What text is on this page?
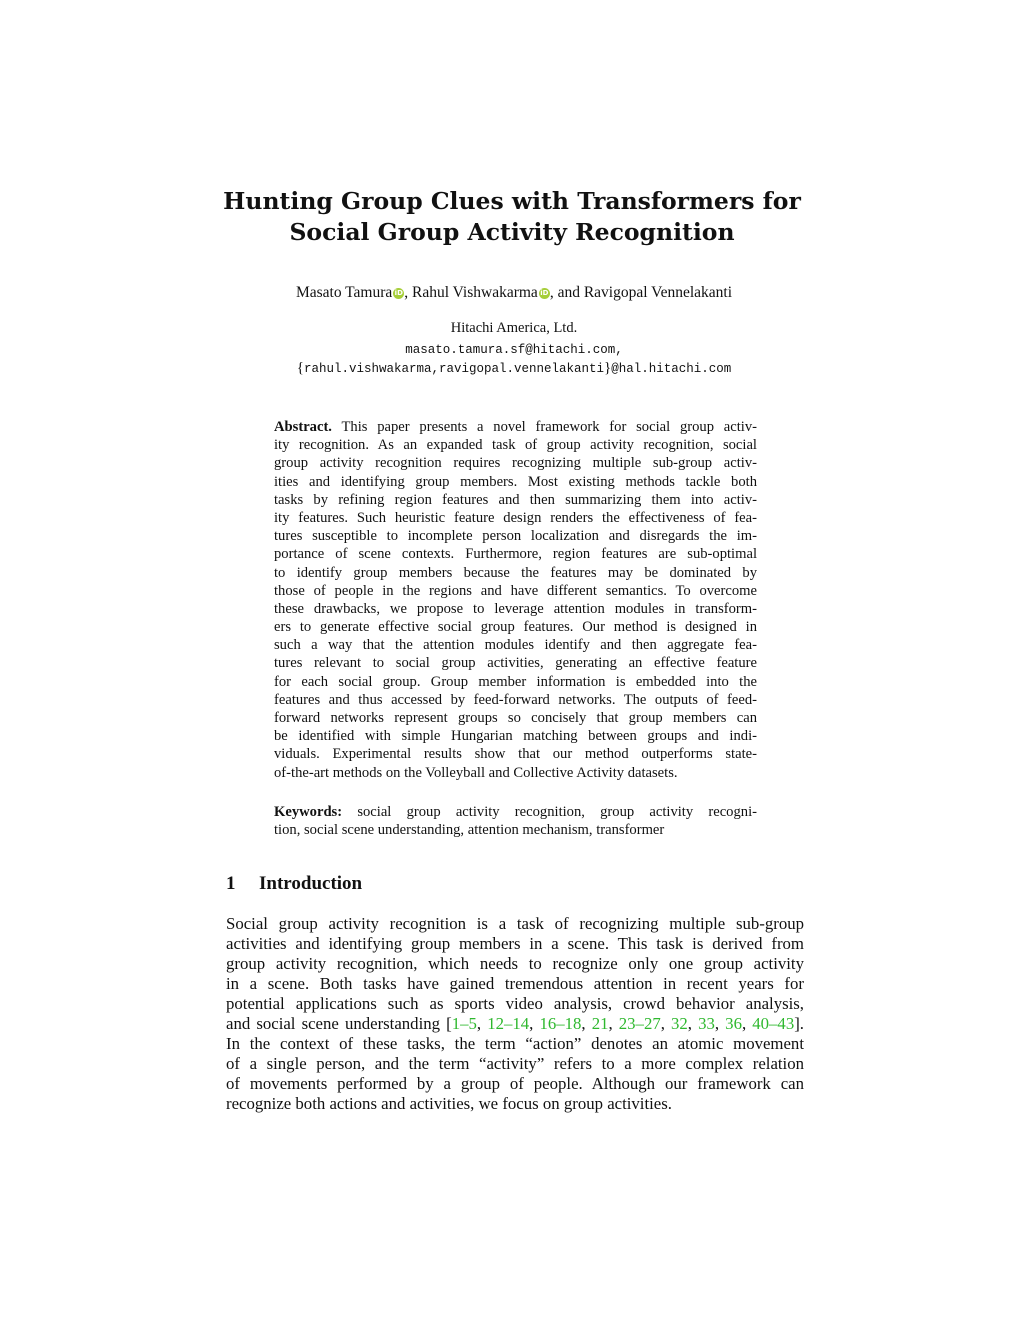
Hunting Group Clues with Transformers for
Social Group Activity Recognition
Masato Tamura iD, Rahul Vishwakarma iD, and Ravigopal Vennelakanti
Hitachi America, Ltd.
masato.tamura.sf@hitachi.com,
{rahul.vishwakarma,ravigopal.vennelakanti}@hal.hitachi.com
Abstract. This paper presents a novel framework for social group activ-
ity recognition. As an expanded task of group activity recognition, social
group activity recognition requires recognizing multiple sub-group activ-
ities and identifying group members. Most existing methods tackle both
tasks by refining region features and then summarizing them into activ-
ity features. Such heuristic feature design renders the effectiveness of fea-
tures susceptible to incomplete person localization and disregards the im-
portance of scene contexts. Furthermore, region features are sub-optimal
to identify group members because the features may be dominated by
those of people in the regions and have different semantics. To overcome
these drawbacks, we propose to leverage attention modules in transform-
ers to generate effective social group features. Our method is designed in
such a way that the attention modules identify and then aggregate fea-
tures relevant to social group activities, generating an effective feature
for each social group. Group member information is embedded into the
features and thus accessed by feed-forward networks. The outputs of feed-
forward networks represent groups so concisely that group members can
be identified with simple Hungarian matching between groups and indi-
viduals. Experimental results show that our method outperforms state-
of-the-art methods on the Volleyball and Collective Activity datasets.
Keywords: social group activity recognition, group activity recogni-
tion, social scene understanding, attention mechanism, transformer
1 Introduction
Social group activity recognition is a task of recognizing multiple sub-group
activities and identifying group members in a scene. This task is derived from
group activity recognition, which needs to recognize only one group activity
in a scene. Both tasks have gained tremendous attention in recent years for
potential applications such as sports video analysis, crowd behavior analysis,
and social scene understanding [1–5, 12–14, 16–18, 21, 23–27, 32, 33, 36, 40–43].
In the context of these tasks, the term “action” denotes an atomic movement
of a single person, and the term “activity” refers to a more complex relation
of movements performed by a group of people. Although our framework can
recognize both actions and activities, we focus on group activities.
